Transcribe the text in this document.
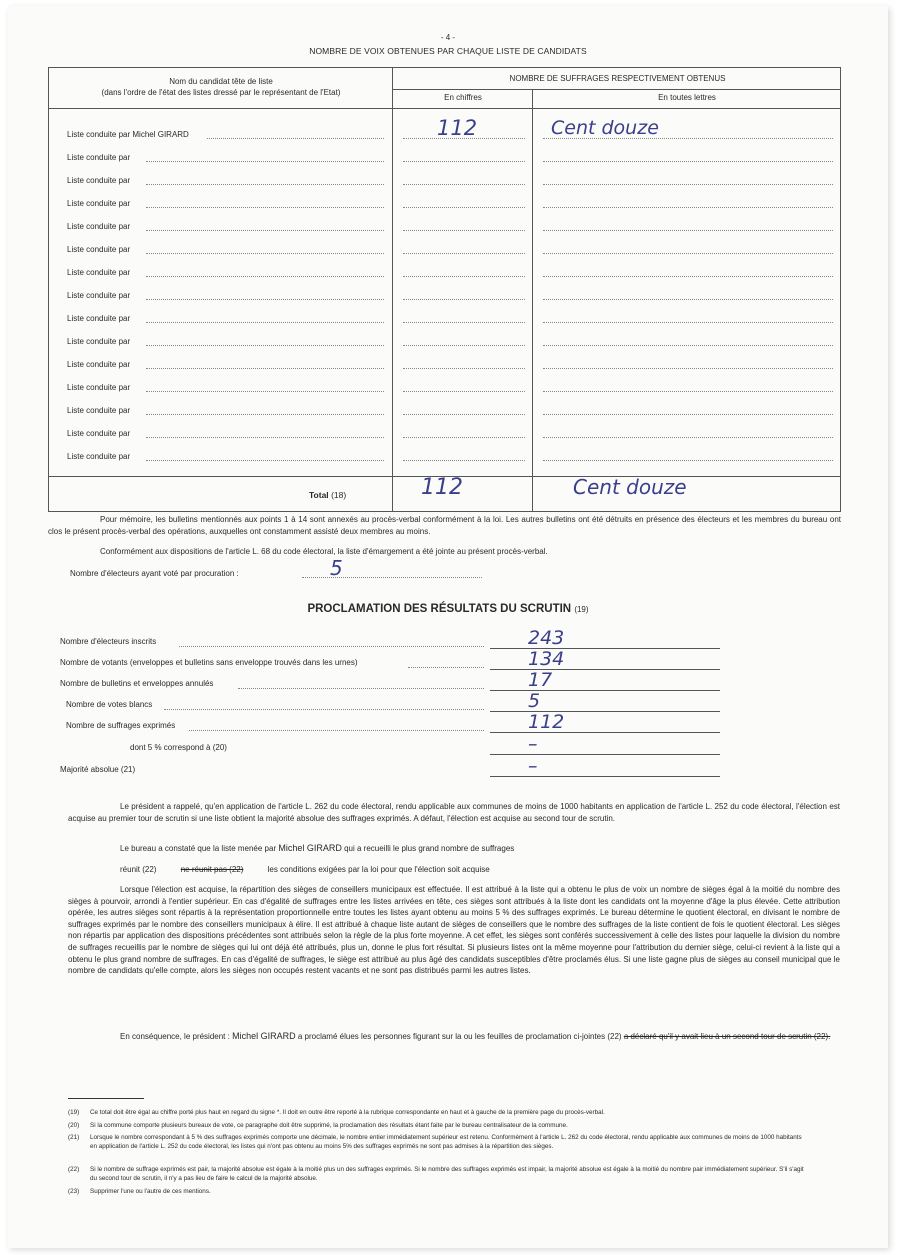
- 4 -
NOMBRE DE VOIX OBTENUES PAR CHAQUE LISTE DE CANDIDATS
Nom du candidat tête de liste
(dans l'ordre de l'état des listes dressé par le représentant de l'Etat)
NOMBRE DE SUFFRAGES RESPECTIVEMENT OBTENUS
En chiffres	En toutes lettres
Liste conduite par Michel GIRARD	112	Cent douze
Liste conduite par
Liste conduite par
Liste conduite par
Liste conduite par
Liste conduite par
Liste conduite par
Liste conduite par
Liste conduite par
Liste conduite par
Liste conduite par
Liste conduite par
Liste conduite par
Liste conduite par
Liste conduite par
Total (18)	112	Cent douze
Pour mémoire, les bulletins mentionnés aux points 1 à 14 sont annexés au procès-verbal conformément à la loi. Les autres bulletins ont été détruits en présence des électeurs et les membres du bureau ont clos le présent procès-verbal des opérations, auxquelles ont constamment assisté deux membres au moins.
Conformément aux dispositions de l'article L. 68 du code électoral, la liste d'émargement a été jointe au présent procès-verbal.
Nombre d'électeurs ayant voté par procuration :	5
PROCLAMATION DES RÉSULTATS DU SCRUTIN (19)
Nombre d'électeurs inscrits	243
Nombre de votants (enveloppes et bulletins sans enveloppe trouvés dans les urnes)	134
Nombre de bulletins et enveloppes annulés	17
Nombre de votes blancs	5
Nombre de suffrages exprimés	112
dont 5 % correspond à (20)	–
Majorité absolue (21)	–
Le président a rappelé, qu'en application de l'article L. 262 du code électoral, rendu applicable aux communes de moins de 1000 habitants en application de l'article L. 252 du code électoral, l'élection est acquise au premier tour de scrutin si une liste obtient la majorité absolue des suffrages exprimés. A défaut, l'élection est acquise au second tour de scrutin.
Le bureau a constaté que la liste menée par Michel GIRARD qui a recueilli le plus grand nombre de suffrages
réunit (22)	ne réunit pas (22)	les conditions exigées par la loi pour que l'élection soit acquise
Lorsque l'élection est acquise, la répartition des sièges de conseillers municipaux est effectuée. Il est attribué à la liste qui a obtenu le plus de voix un nombre de sièges égal à la moitié du nombre des sièges à pourvoir, arrondi à l'entier supérieur. En cas d'égalité de suffrages entre les listes arrivées en tête, ces sièges sont attribués à la liste dont les candidats ont la moyenne d'âge la plus élevée. Cette attribution opérée, les autres sièges sont répartis à la représentation proportionnelle entre toutes les listes ayant obtenu au moins 5 % des suffrages exprimés. Le bureau détermine le quotient électoral, en divisant le nombre de suffrages exprimés par le nombre des conseillers municipaux à élire. Il est attribué à chaque liste autant de sièges de conseillers que le nombre des suffrages de la liste contient de fois le quotient électoral. Les sièges non répartis par application des dispositions précédentes sont attribués selon la règle de la plus forte moyenne. A cet effet, les sièges sont conférés successivement à celle des listes pour laquelle la division du nombre de suffrages recueillis par le nombre de sièges qui lui ont déjà été attribués, plus un, donne le plus fort résultat. Si plusieurs listes ont la même moyenne pour l'attribution du dernier siège, celui-ci revient à la liste qui a obtenu le plus grand nombre de suffrages. En cas d'égalité de suffrages, le siège est attribué au plus âgé des candidats susceptibles d'être proclamés élus. Si une liste gagne plus de sièges au conseil municipal que le nombre de candidats qu'elle compte, alors les sièges non occupés restent vacants et ne sont pas distribués parmi les autres listes.
En conséquence, le président : Michel GIRARD a proclamé élues les personnes figurant sur la ou les feuilles de proclamation ci-jointes (22) a déclaré qu'il y avait lieu à un second tour de scrutin (22).
(19) Ce total doit être égal au chiffre porté plus haut en regard du signe *. Il doit en outre être reporté à la rubrique correspondante en haut et à gauche de la première page du procès-verbal.
(20) Si la commune comporte plusieurs bureaux de vote, ce paragraphe doit être supprimé, la proclamation des résultats étant faite par le bureau centralisateur de la commune.
(21) Lorsque le nombre correspondant à 5 % des suffrages exprimés comporte une décimale, le nombre entier immédiatement supérieur est retenu. Conformément à l'article L. 262 du code électoral, rendu applicable aux communes de moins de 1000 habitants en application de l'article L. 252 du code électoral, les listes qui n'ont pas obtenu au moins 5% des suffrages exprimés ne sont pas admises à la répartition des sièges.
(22) Si le nombre de suffrage exprimés est pair, la majorité absolue est égale à la moitié plus un des suffrages exprimés. Si le nombre des suffrages exprimés est impair, la majorité absolue est égale à la moitié du nombre pair immédiatement supérieur. S'il s'agit du second tour de scrutin, il n'y a pas lieu de faire le calcul de la majorité absolue.
(23) Supprimer l'une ou l'autre de ces mentions.
